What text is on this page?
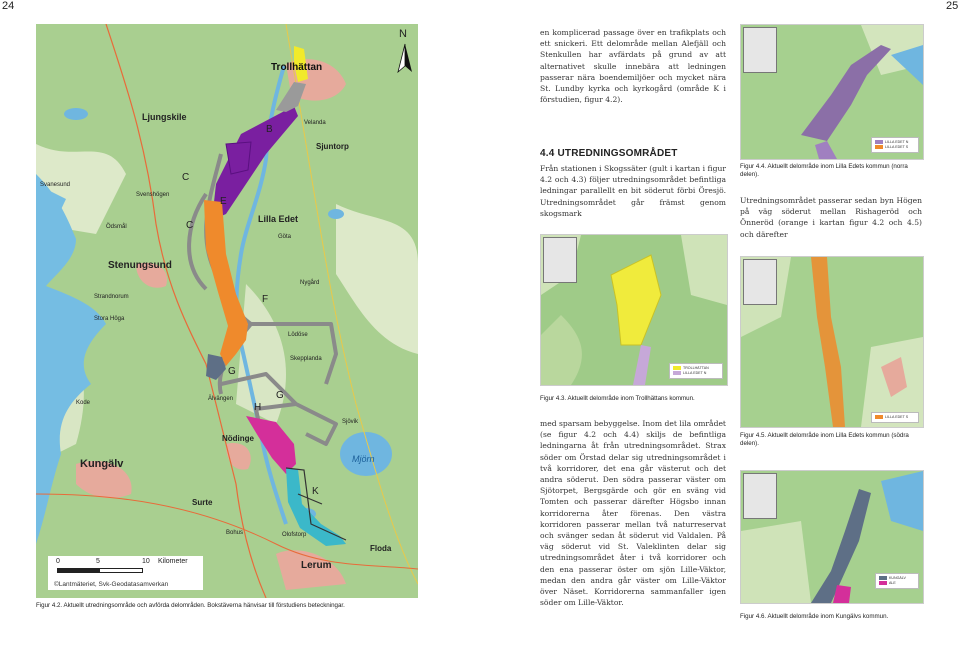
24	25
Trollhättan
Velanda
Sjuntorp
Lilla Edet
Göta
Ljungskile
Svanesund
Svenshögen
Ödsmål
Stenungsund
Nygård
Strandnorum
Stora Höga
Lödöse
Skepplanda
Kode
Älvängen
Nödinge
Kungälv
Sjövik
Mjörn
Surte
Bohus	Olofstorp
Floda
Lerum
B
C
C
E
F
G
G
H
K
N
0	5	10 Kilometer
©Lantmäteriet, Svk-Geodatasamverkan
Figur 4.2. Aktuellt utredningsområde och avförda delområden. Bokstäverna hänvisar till förstudiens beteckningar.

en komplicerad passage över en trafikplats och ett snickeri. Ett delområde mellan Alefjäll och Stenkullen har avfärdats på grund av att alternativet skulle innebära att ledningen passerar nära boendemiljöer och mycket nära St. Lundby kyrka och kyrkogård (område K i förstudien, figur 4.2).

4.4 UTREDNINGSOMRÅDET

Från stationen i Skogssäter (gult i kartan i figur 4.2 och 4.3) följer utredningsområdet befintliga ledningar parallellt en bit söderut förbi Öresjö. Utredningsområdet går främst genom skogsmark

TROLLHÄTTAN
LILLA EDET N
Figur 4.3. Aktuellt delområde inom Trollhättans kommun.

med sparsam bebyggelse. Inom det lila området (se figur 4.2 och 4.4) skiljs de befintliga ledningarna åt från utredningsområdet. Strax söder om Örstad delar sig utredningsområdet i två korridorer, det ena går västerut och det andra söderut. Den södra passerar väster om Sjötorpet, Bergsgärde och gör en sväng vid Tomten och passerar därefter Högsbo innan korridorerna åter förenas. Den västra korridoren passerar mellan två naturreservat och svänger sedan åt söderut vid Valdalen. På väg söderut vid St. Valeklinten delar sig utredningsområdet åter i två korridorer och den ena passerar öster om sjön Lille-Väktor, medan den andra går väster om Lille-Väktor över Näset. Korridorerna sammanfaller igen söder om Lille-Väktor.

LILLA EDET N
LILLA EDET S
Figur 4.4. Aktuellt delområde inom Lilla Edets kommun (norra delen).

Utredningsområdet passerar sedan byn Högen på väg söderut mellan Rishageröd och Önneröd (orange i kartan figur 4.2 och 4.5) och därefter

LILLA EDET S
Figur 4.5. Aktuellt delområde inom Lilla Edets kommun (södra delen).
KUNGÄLV
ALE
Figur 4.6. Aktuellt delområde inom Kungälvs kommun.
